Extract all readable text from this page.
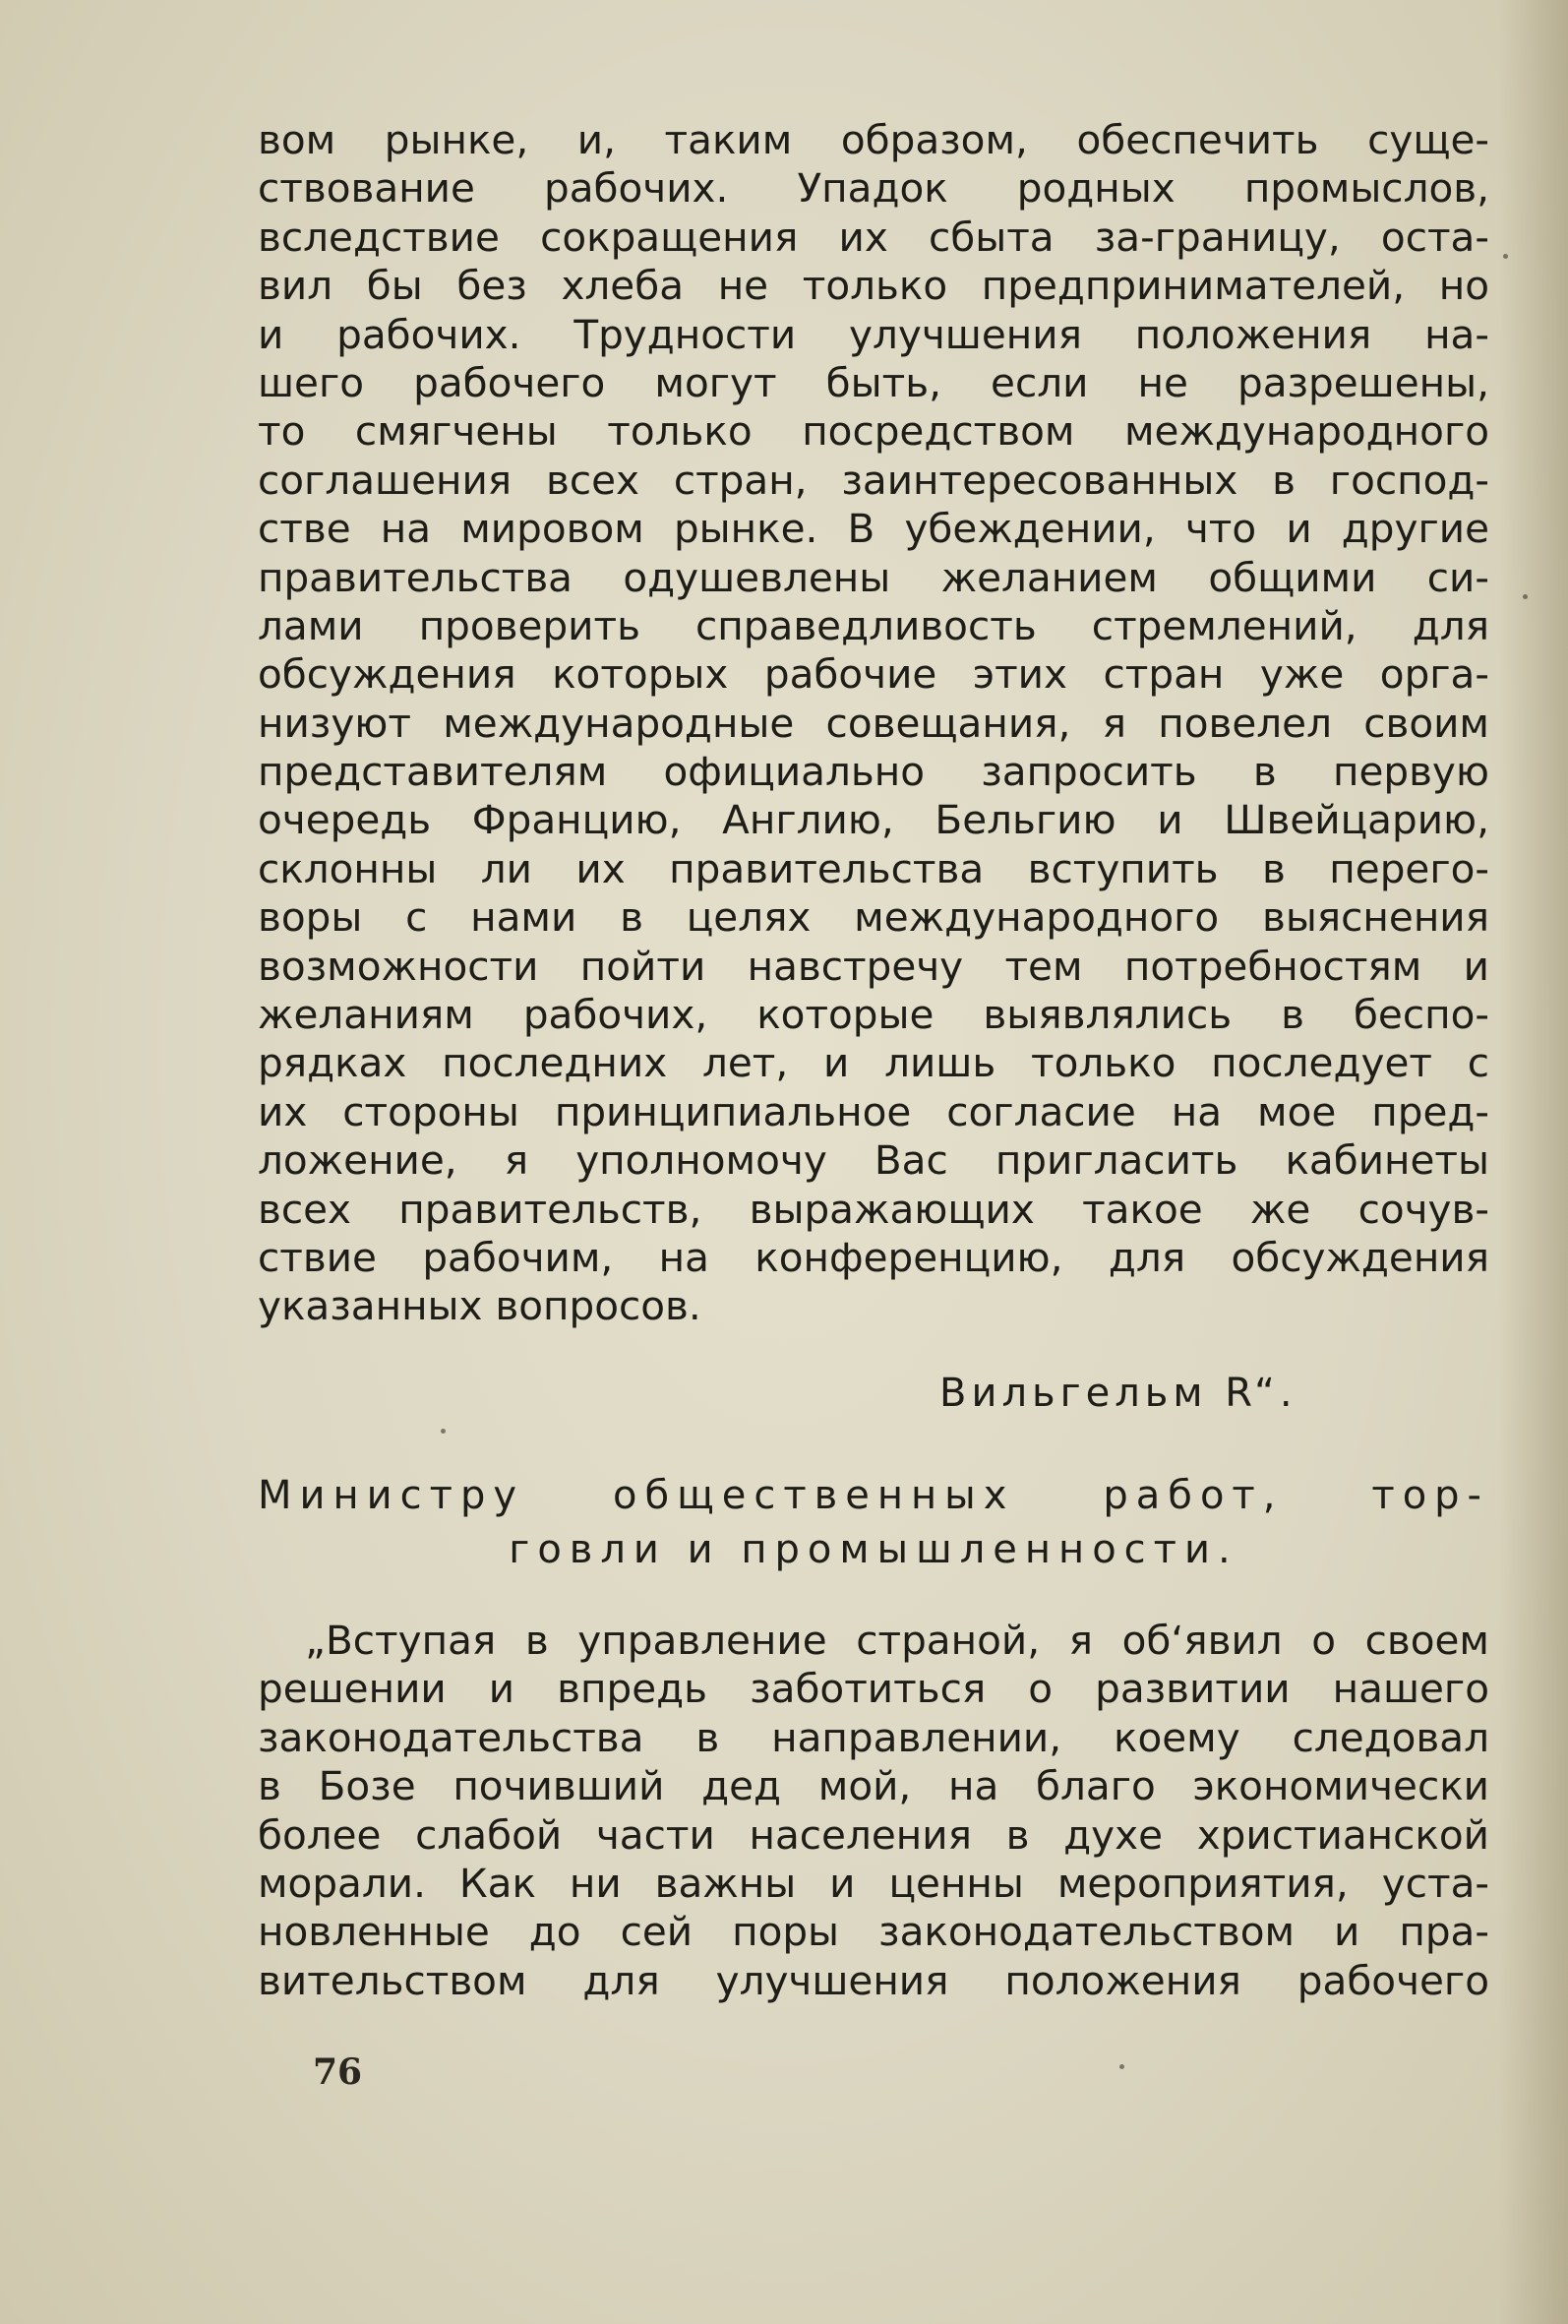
вом рынке, и, таким образом, обеспечить суще-
ствование рабочих. Упадок родных промыслов,
вследствие сокращения их сбыта за-границу, оста-
вил бы без хлеба не только предпринимателей, но
и рабочих. Трудности улучшения положения на-
шего рабочего могут быть, если не разрешены,
то смягчены только посредством международного
соглашения всех стран, заинтересованных в господ-
стве на мировом рынке. В убеждении, что и другие
правительства одушевлены желанием общими си-
лами проверить справедливость стремлений, для
обсуждения которых рабочие этих стран уже орга-
низуют международные совещания, я повелел своим
представителям официально запросить в первую
очередь Францию, Англию, Бельгию и Швейцарию,
склонны ли их правительства вступить в перего-
воры с нами в целях международного выяснения
возможности пойти навстречу тем потребностям и
желаниям рабочих, которые выявлялись в беспо-
рядках последних лет, и лишь только последует с
их стороны принципиальное согласие на мое пред-
ложение, я уполномочу Вас пригласить кабинеты
всех правительств, выражающих такое же сочув-
ствие рабочим, на конференцию, для обсуждения
указанных вопросов.
Вильгельм R“.
Министру общественных работ, тор-
говли и промышленности.
„Вступая в управление страной, я об‘явил о своем
решении и впредь заботиться о развитии нашего
законодательства в направлении, коему следовал
в Бозе почивший дед мой, на благо экономически
более слабой части населения в духе христианской
морали. Как ни важны и ценны мероприятия, уста-
новленные до сей поры законодательством и пра-
вительством для улучшения положения рабочего
76
